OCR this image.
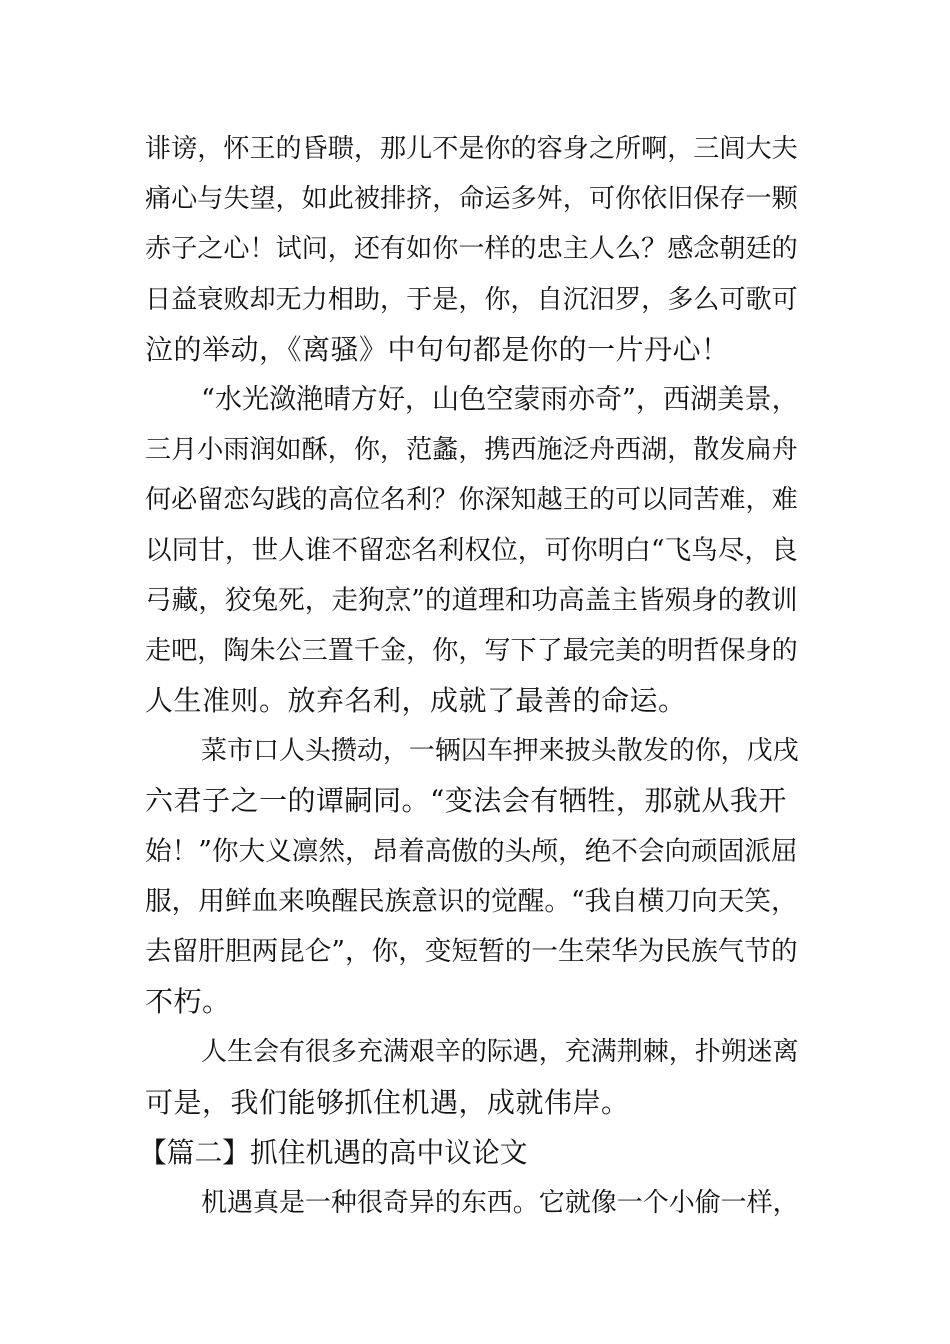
诽谤，怀王的昏聩，那儿不是你的容身之所啊，三闾大夫
痛心与失望，如此被排挤，命运多舛，可你依旧保存一颗
赤子之心！试问，还有如你一样的忠主人么？感念朝廷的
日益衰败却无力相助，于是，你，自沉汨罗，多么可歌可
泣的举动，《离骚》中句句都是你的一片丹心！
“水光潋滟晴方好，山色空蒙雨亦奇”，西湖美景，
三月小雨润如酥，你，范蠡，携西施泛舟西湖，散发扁舟
何必留恋勾践的高位名利？你深知越王的可以同苦难，难
以同甘，世人谁不留恋名利权位，可你明白“飞鸟尽，良
弓藏，狡兔死，走狗烹”的道理和功高盖主皆殒身的教训
走吧，陶朱公三置千金，你，写下了最完美的明哲保身的
人生准则。放弃名利，成就了最善的命运。
菜市口人头攒动，一辆囚车押来披头散发的你，戊戌
六君子之一的谭嗣同。“变法会有牺牲，那就从我开
始！”你大义凛然，昂着高傲的头颅，绝不会向顽固派屈
服，用鲜血来唤醒民族意识的觉醒。“我自横刀向天笑，
去留肝胆两昆仑”，你，变短暂的一生荣华为民族气节的
不朽。
人生会有很多充满艰辛的际遇，充满荆棘，扑朔迷离
可是，我们能够抓住机遇，成就伟岸。
【篇二】抓住机遇的高中议论文
机遇真是一种很奇异的东西。它就像一个小偷一样，
